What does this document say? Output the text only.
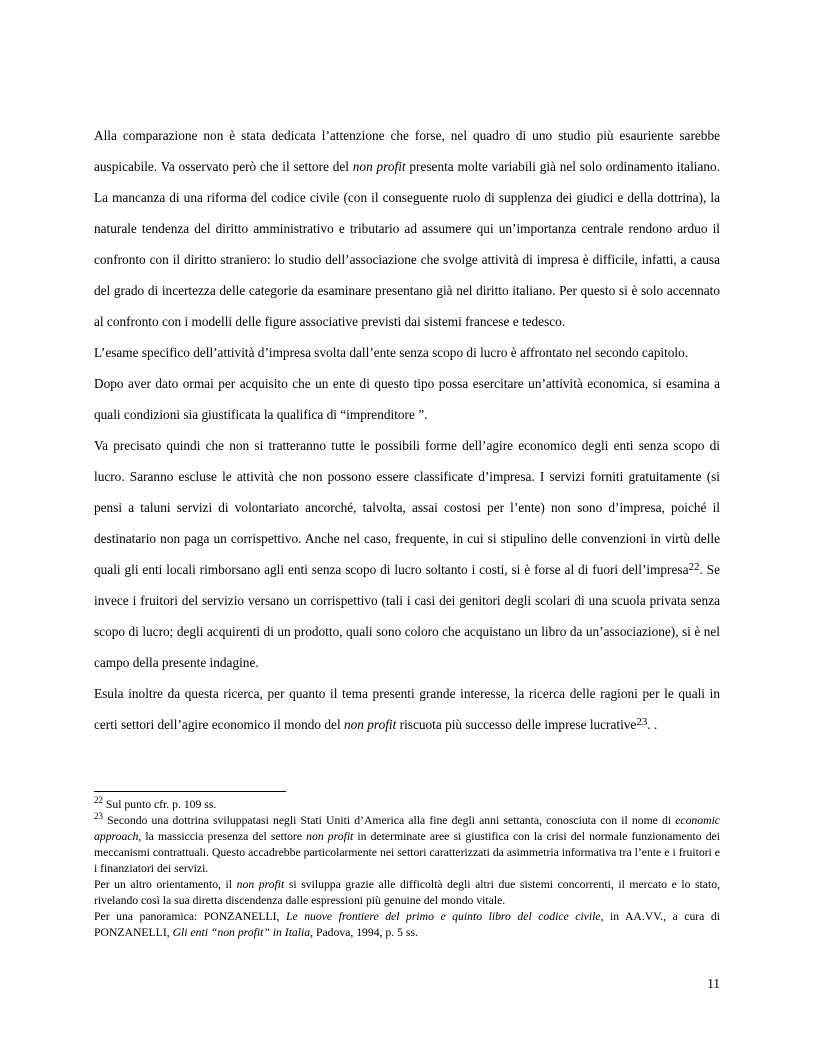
Alla comparazione non è stata dedicata l’attenzione che forse, nel quadro di uno studio più esauriente sarebbe auspicabile. Va osservato però che il settore del non profit presenta molte variabili già nel solo ordinamento italiano. La mancanza di una riforma del codice civile (con il conseguente ruolo di supplenza dei giudici e della dottrina), la naturale tendenza del diritto amministrativo e tributario ad assumere qui un’importanza centrale rendono arduo il confronto con il diritto straniero: lo studio dell’associazione che svolge attività di impresa è difficile, infatti, a causa del grado di incertezza delle categorie da esaminare presentano già nel diritto italiano. Per questo si è solo accennato al confronto con i modelli delle figure associative previsti dai sistemi francese e tedesco.

L’esame specifico dell’attività d’impresa svolta dall’ente senza scopo di lucro è affrontato nel secondo capitolo.

Dopo aver dato ormai per acquisito che un ente di questo tipo possa esercitare un’attività economica, si esamina a quali condizioni sia giustificata la qualifica di “imprenditore ”.

Va precisato quindi che non si tratteranno tutte le possibili forme dell’agire economico degli enti senza scopo di lucro. Saranno escluse le attività che non possono essere classificate d’impresa. I servizi forniti gratuitamente (si pensi a taluni servizi di volontariato ancorché, talvolta, assai costosi per l’ente) non sono d’impresa, poiché il destinatario non paga un corrispettivo. Anche nel caso, frequente, in cui si stipulino delle convenzioni in virtù delle quali gli enti locali rimborsano agli enti senza scopo di lucro soltanto i costi, si è forse al di fuori dell’impresa$^{22}$. Se invece i fruitori del servizio versano un corrispettivo (tali i casi dei genitori degli scolari di una scuola privata senza scopo di lucro; degli acquirenti di un prodotto, quali sono coloro che acquistano un libro da un’associazione), si è nel campo della presente indagine.

Esula inoltre da questa ricerca, per quanto il tema presenti grande interesse, la ricerca delle ragioni per le quali in certi settori dell’agire economico il mondo del non profit riscuota più successo delle imprese lucrative$^{23}$. .

$^{22}$ Sul punto cfr. p. 109 ss.

$^{23}$ Secondo una dottrina sviluppatasi negli Stati Uniti d’America alla fine degli anni settanta, conosciuta con il nome di economic approach, la massiccia presenza del settore non profit in determinate aree si giustifica con la crisi del normale funzionamento dei meccanismi contrattuali. Questo accadrebbe particolarmente nei settori caratterizzati da asimmetria informativa tra l’ente e i fruitori e i finanziatori dei servizi.

Per un altro orientamento, il non profit si sviluppa grazie alle difficoltà degli altri due sistemi concorrenti, il mercato e lo stato, rivelando così la sua diretta discendenza dalle espressioni più genuine del mondo vitale.

Per una panoramica: PONZANELLI, Le nuove frontiere del primo e quinto libro del codice civile, in AA.VV., a cura di PONZANELLI, Gli enti “non profit” in Italia, Padova, 1994, p. 5 ss.

11
